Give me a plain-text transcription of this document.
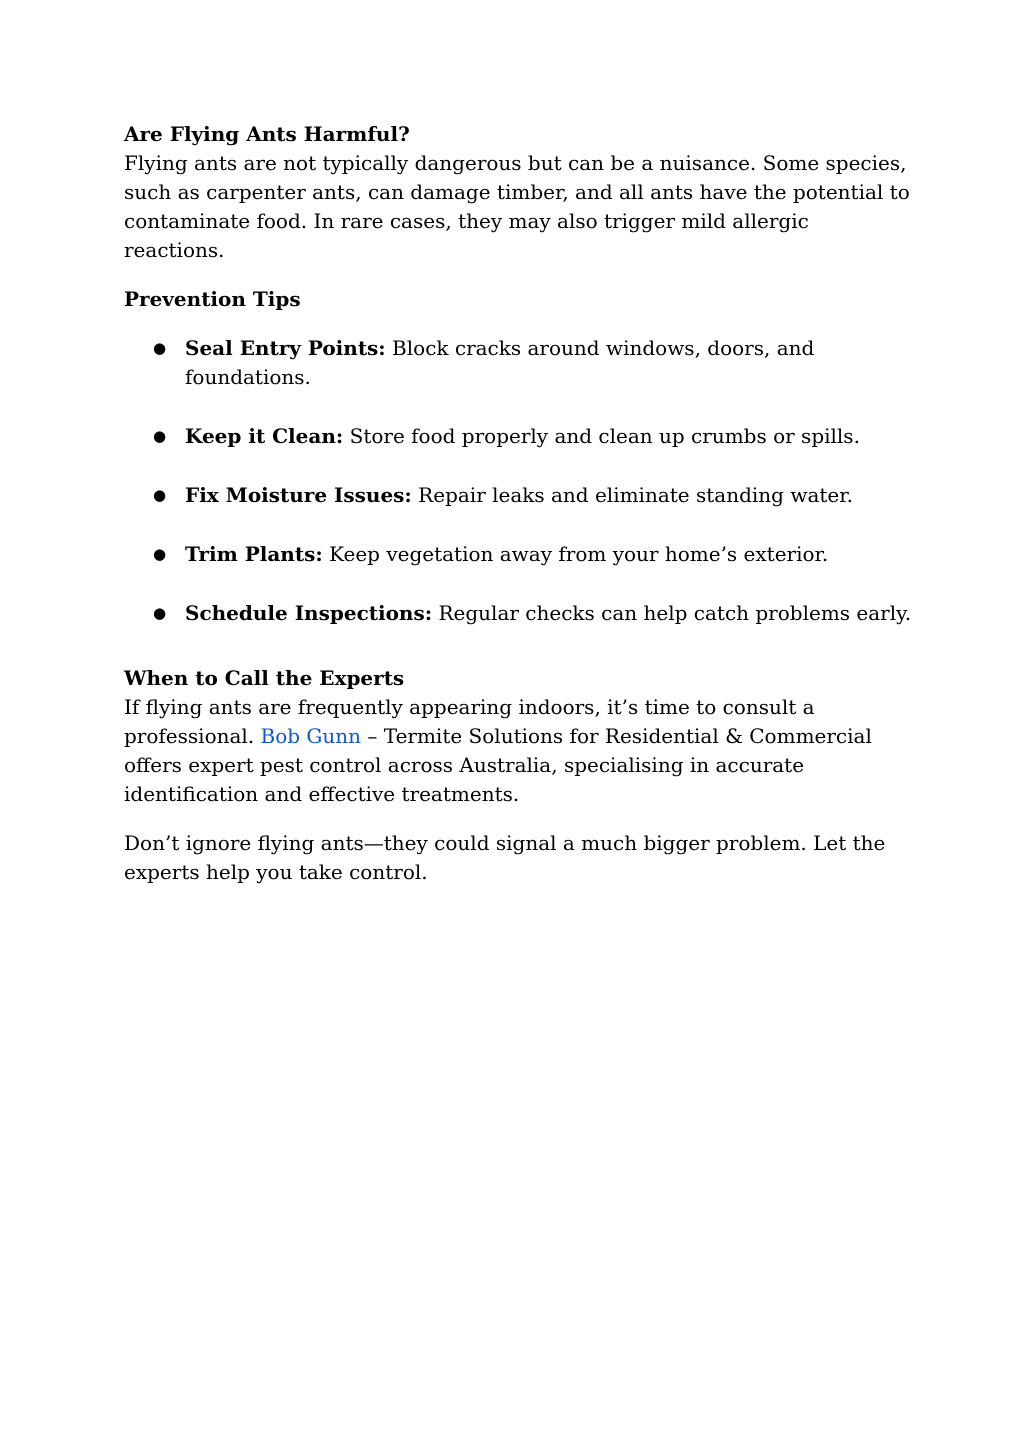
Are Flying Ants Harmful?

Flying ants are not typically dangerous but can be a nuisance. Some species, such as carpenter ants, can damage timber, and all ants have the potential to contaminate food. In rare cases, they may also trigger mild allergic reactions.

Prevention Tips

● Seal Entry Points: Block cracks around windows, doors, and foundations.
● Keep it Clean: Store food properly and clean up crumbs or spills.
● Fix Moisture Issues: Repair leaks and eliminate standing water.
● Trim Plants: Keep vegetation away from your home’s exterior.
● Schedule Inspections: Regular checks can help catch problems early.

When to Call the Experts

If flying ants are frequently appearing indoors, it’s time to consult a professional. Bob Gunn – Termite Solutions for Residential & Commercial offers expert pest control across Australia, specialising in accurate identification and effective treatments.

Don’t ignore flying ants—they could signal a much bigger problem. Let the experts help you take control.
